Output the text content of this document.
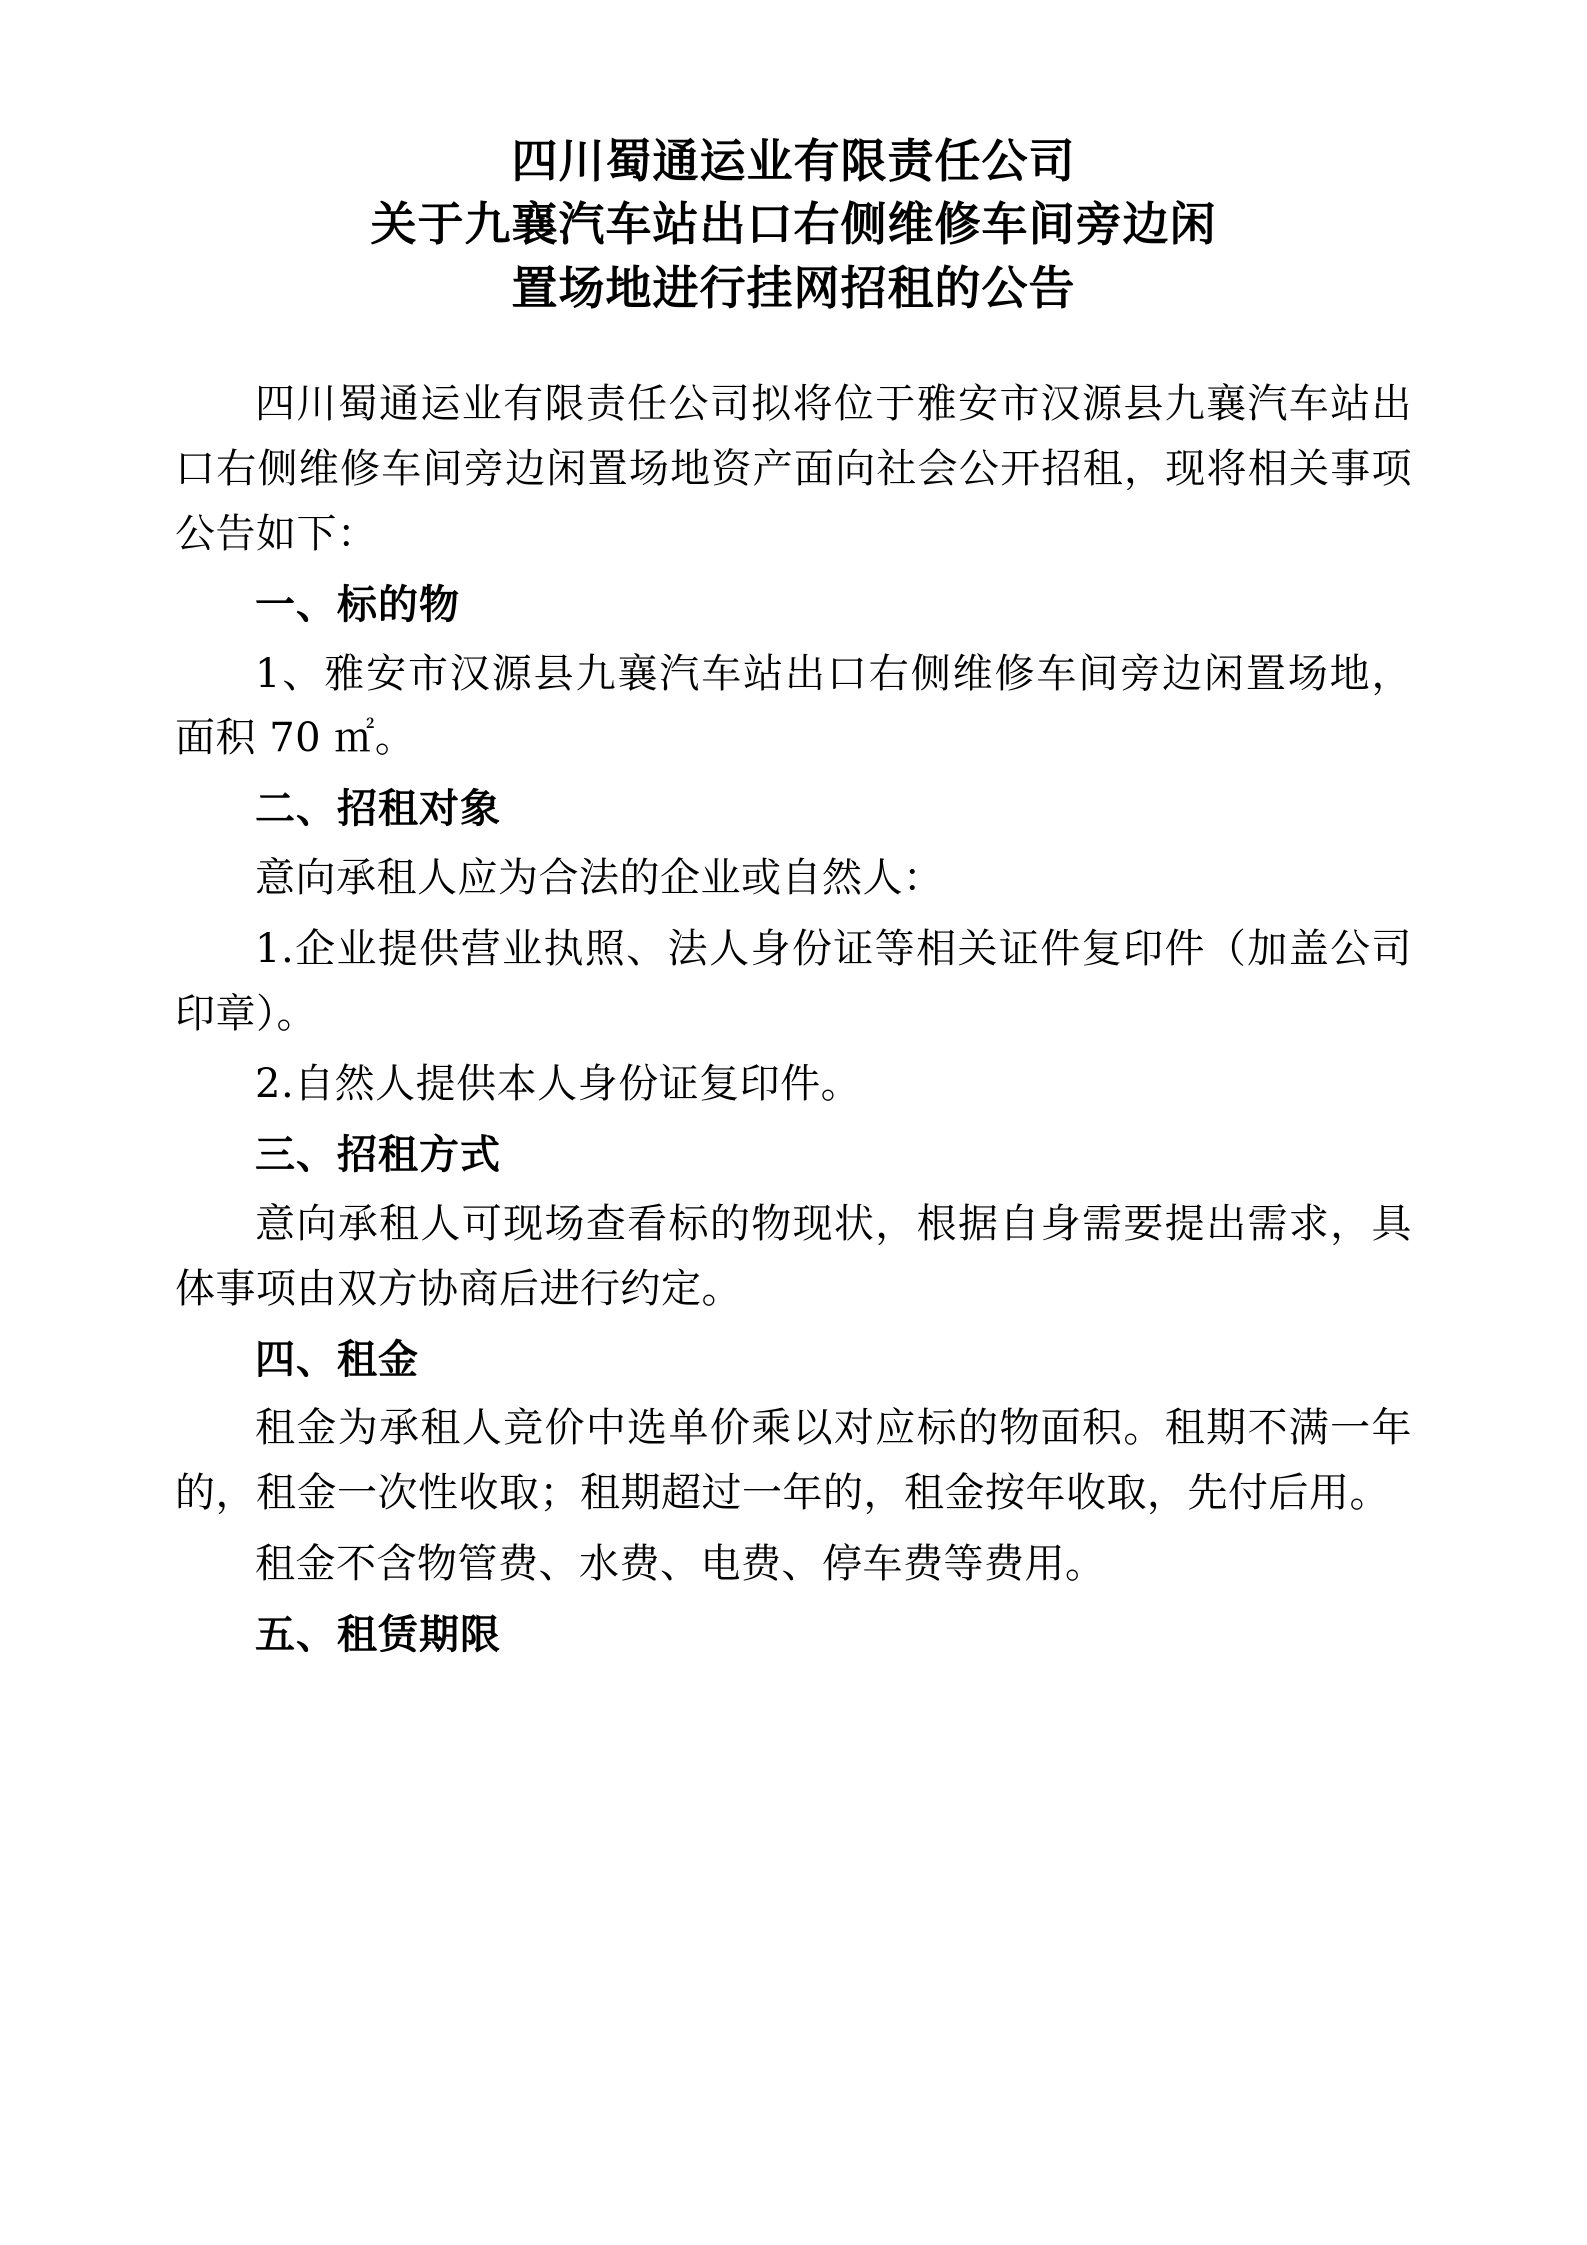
四川蜀通运业有限责任公司
关于九襄汽车站出口右侧维修车间旁边闲
置场地进行挂网招租的公告

四川蜀通运业有限责任公司拟将位于雅安市汉源县九襄汽车站出口右侧维修车间旁边闲置场地资产面向社会公开招租，现将相关事项公告如下：

一、标的物

1、雅安市汉源县九襄汽车站出口右侧维修车间旁边闲置场地，面积 70 ㎡。

二、招租对象

意向承租人应为合法的企业或自然人：

1.企业提供营业执照、法人身份证等相关证件复印件（加盖公司印章）。

2.自然人提供本人身份证复印件。

三、招租方式

意向承租人可现场查看标的物现状，根据自身需要提出需求，具体事项由双方协商后进行约定。

四、租金

租金为承租人竞价中选单价乘以对应标的物面积。租期不满一年的，租金一次性收取；租期超过一年的，租金按年收取，先付后用。

租金不含物管费、水费、电费、停车费等费用。

五、租赁期限
